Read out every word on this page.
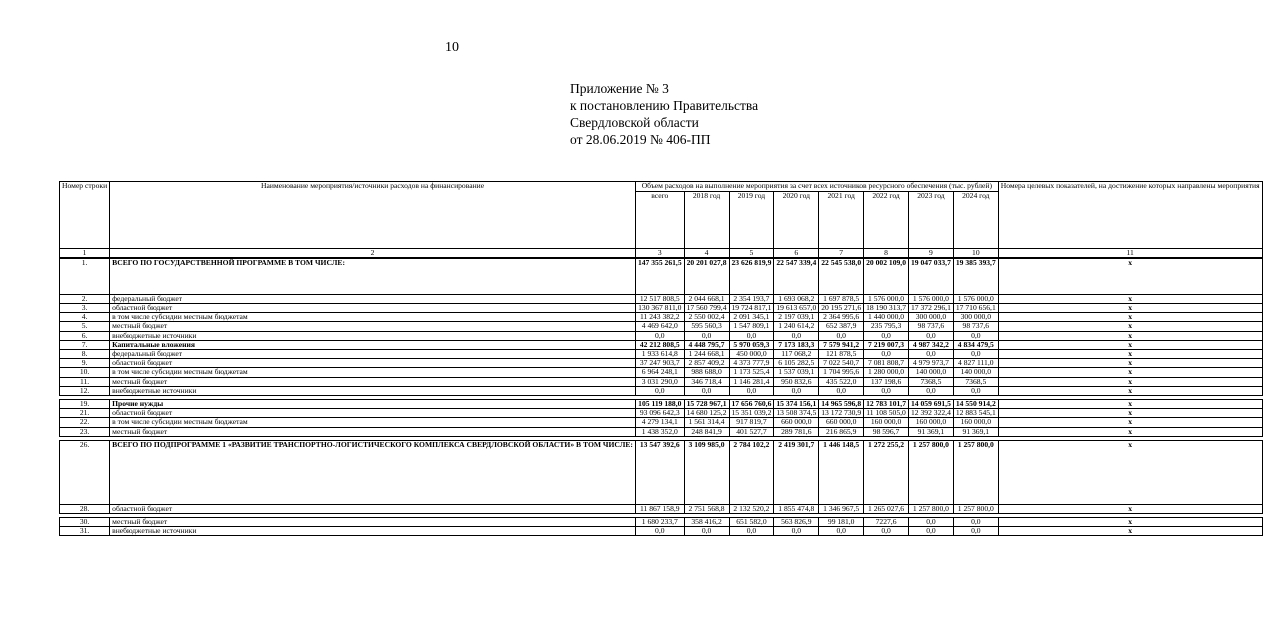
10
Приложение № 3
к постановлению Правительства
Свердловской области
от 28.06.2019 № 406-ПП
Номер строки	Наименование мероприятия/источники расходов на финансирование	Объем расходов на выполнение мероприятия за счет всех источников ресурсного обеспечения (тыс. рублей)								Номера целевых показателей, на достижение которых направлены мероприятия
		всего	2018 год	2019 год	2020 год	2021 год	2022 год	2023 год	2024 год	
1	2	3	4	5	6	7	8	9	10	11
1.	ВСЕГО ПО ГОСУДАРСТВЕННОЙ ПРОГРАММЕ В ТОМ ЧИСЛЕ:	147 355 261,5	20 201 027,8	23 626 819,9	22 547 339,4	22 545 538,0	20 002 109,0	19 047 033,7	19 385 393,7	х
2.	федеральный бюджет	12 517 808,5	2 044 668,1	2 354 193,7	1 693 068,2	1 697 878,5	1 576 000,0	1 576 000,0	1 576 000,0	х
3.	областной бюджет	130 367 811,0	17 560 799,4	19 724 817,1	19 613 657,0	20 195 271,6	18 190 313,7	17 372 296,1	17 710 656,1	х
4.	в том числе субсидии местным бюджетам	11 243 382,2	2 550 002,4	2 091 345,1	2 197 039,1	2 364 995,6	1 440 000,0	300 000,0	300 000,0	х
5.	местный бюджет	4 469 642,0	595 560,3	1 547 809,1	1 240 614,2	652 387,9	235 795,3	98 737,6	98 737,6	х
6.	внебюджетные источники	0,0	0,0	0,0	0,0	0,0	0,0	0,0	0,0	х
7.	Капитальные вложения	42 212 808,5	4 448 795,7	5 970 059,3	7 173 183,3	7 579 941,2	7 219 007,3	4 987 342,2	4 834 479,5	х
8.	федеральный бюджет	1 933 614,8	1 244 668,1	450 000,0	117 068,2	121 878,5	0,0	0,0	0,0	х
9.	областной бюджет	37 247 903,7	2 857 409,2	4 373 777,9	6 105 282,5	7 022 540,7	7 081 808,7	4 979 973,7	4 827 111,0	х
10.	в том числе субсидии местным бюджетам	6 964 248,1	988 688,0	1 173 525,4	1 537 039,1	1 704 995,6	1 280 000,0	140 000,0	140 000,0	х
11.	местный бюджет	3 031 290,0	346 718,4	1 146 281,4	950 832,6	435 522,0	137 198,6	7368,5	7368,5	х
12.	внебюджетные источники	0,0	0,0	0,0	0,0	0,0	0,0	0,0	0,0	х

19.	Прочие нужды	105 119 188,0	15 728 967,1	17 656 760,6	15 374 156,1	14 965 596,8	12 783 101,7	14 059 691,5	14 550 914,2	х
21.	областной бюджет	93 096 642,3	14 680 125,2	15 351 039,2	13 508 374,5	13 172 730,9	11 108 505,0	12 392 322,4	12 883 545,1	х
22.	в том числе субсидии местным бюджетам	4 279 134,1	1 561 314,4	917 819,7	660 000,0	660 000,0	160 000,0	160 000,0	160 000,0	х
23.	местный бюджет	1 438 352,0	248 841,9	401 527,7	289 781,6	216 865,9	98 596,7	91 369,1	91 369,1	х

26.	ВСЕГО ПО ПОДПРОГРАММЕ 1 «РАЗВИТИЕ ТРАНСПОРТНО-ЛОГИСТИЧЕСКОГО КОМПЛЕКСА СВЕРДЛОВСКОЙ ОБЛАСТИ» В ТОМ ЧИСЛЕ:	13 547 392,6	3 109 985,0	2 784 102,2	2 419 301,7	1 446 148,5	1 272 255,2	1 257 800,0	1 257 800,0	х
28.	областной бюджет	11 867 158,9	2 751 568,8	2 132 520,2	1 855 474,8	1 346 967,5	1 265 027,6	1 257 800,0	1 257 800,0	х

30.	местный бюджет	1 680 233,7	358 416,2	651 582,0	563 826,9	99 181,0	7227,6	0,0	0,0	х
31.	внебюджетные источники	0,0	0,0	0,0	0,0	0,0	0,0	0,0	0,0	х
